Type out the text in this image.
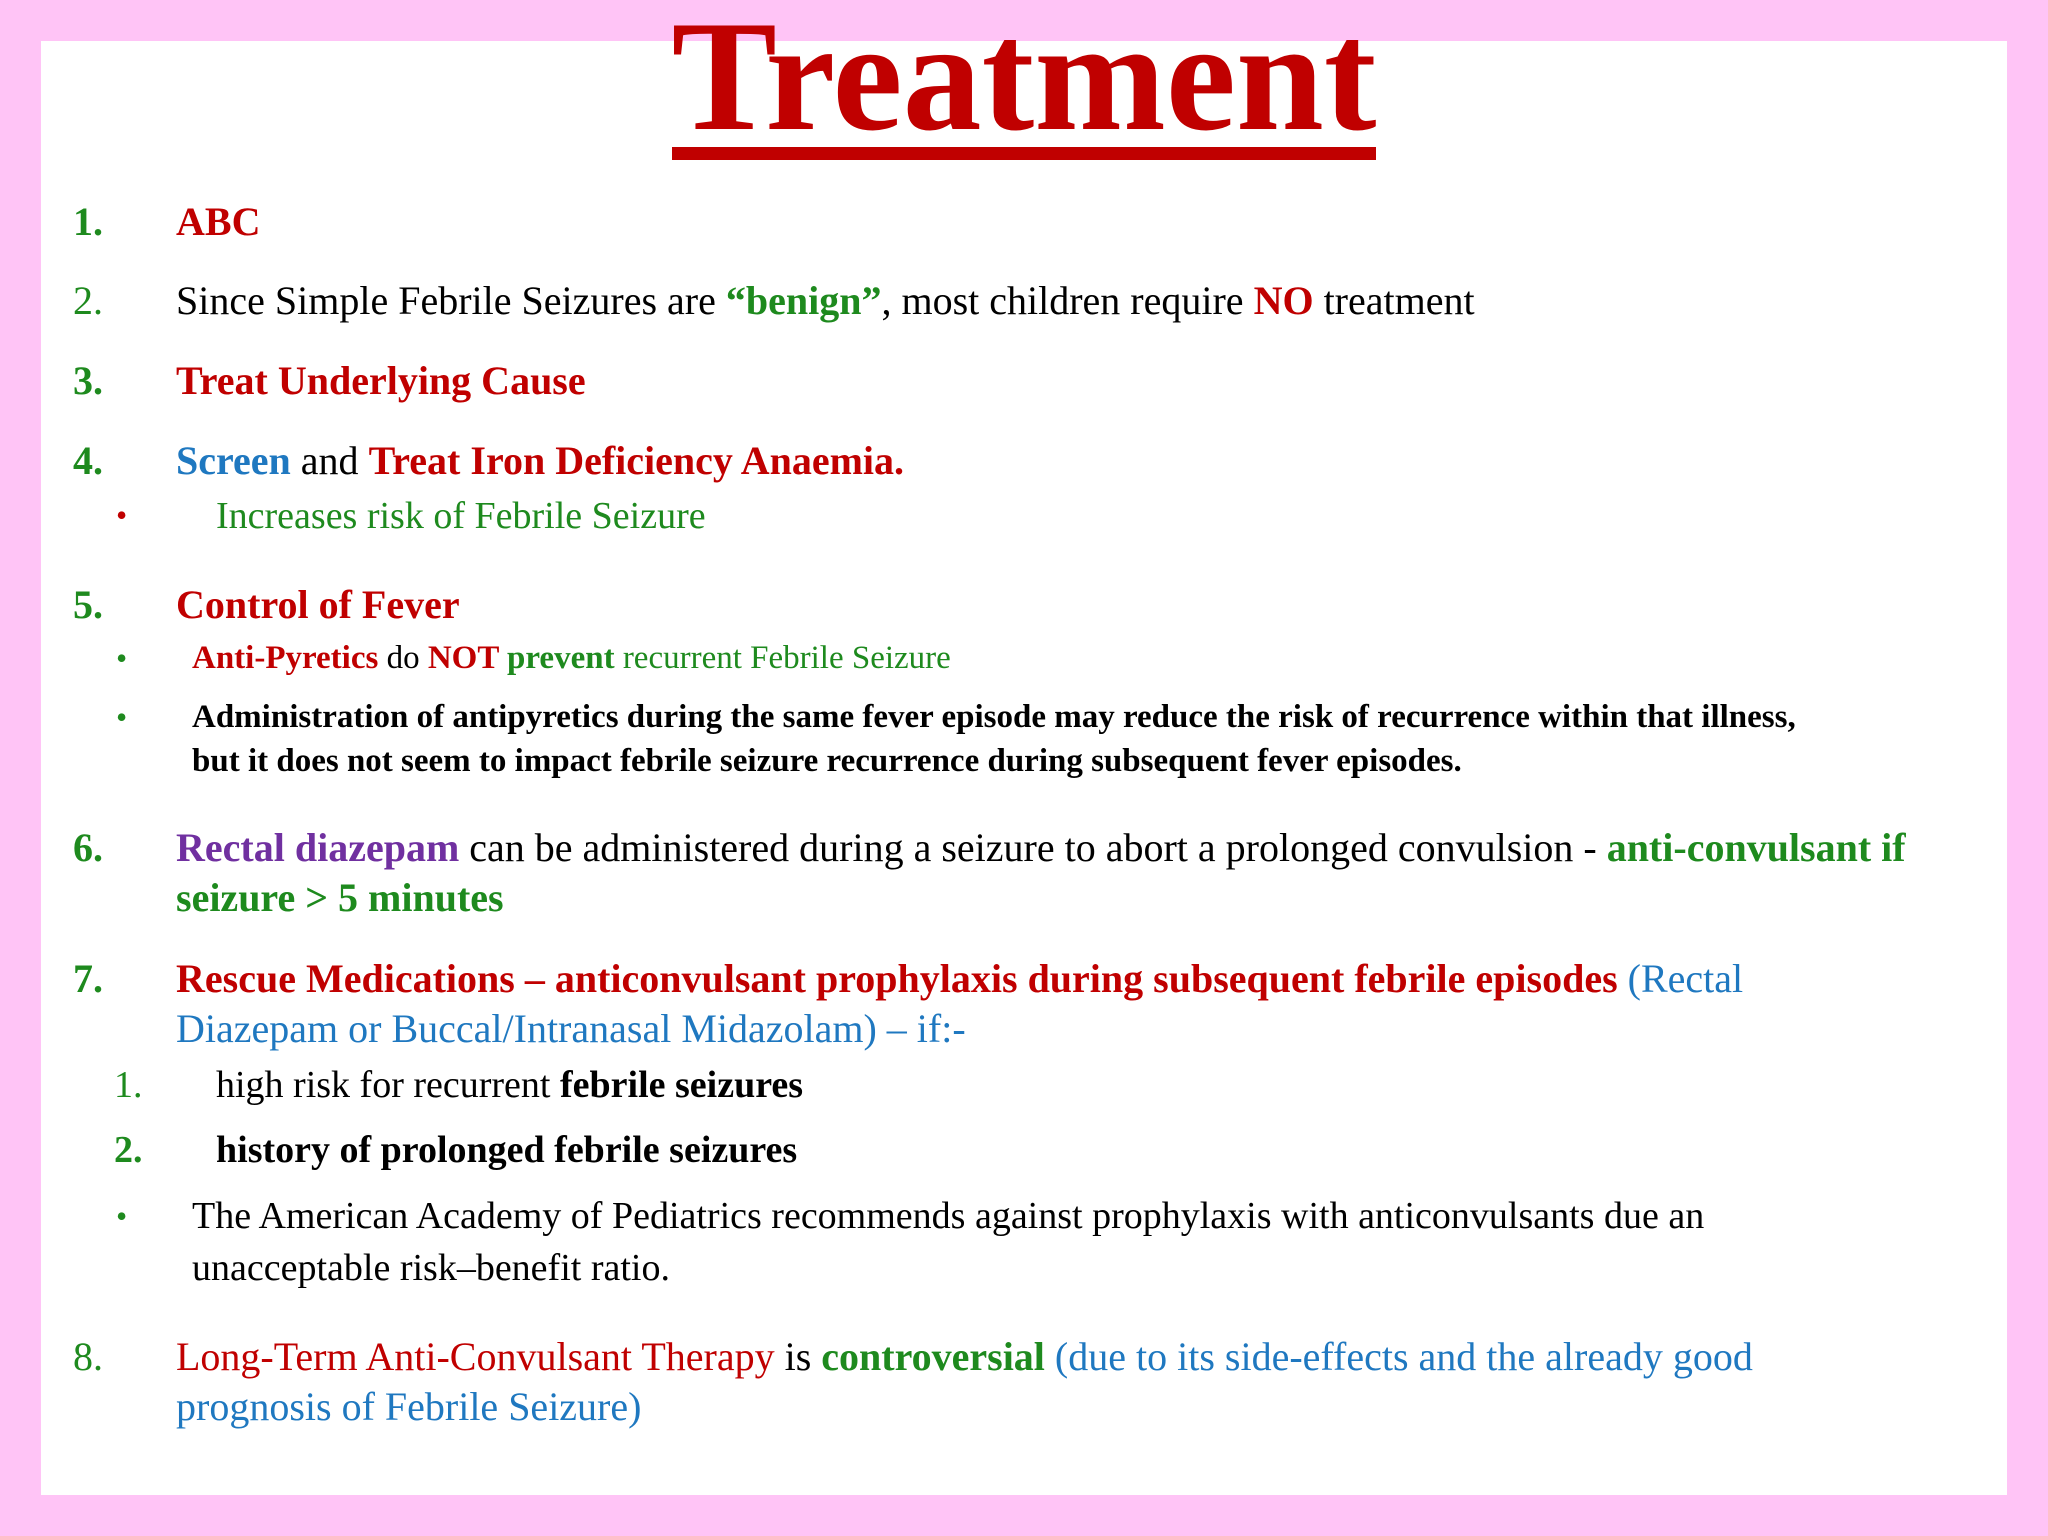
Treatment
1. ABC
2. Since Simple Febrile Seizures are “benign”, most children require NO treatment
3. Treat Underlying Cause
4. Screen and Treat Iron Deficiency Anaemia.
• Increases risk of Febrile Seizure
5. Control of Fever
• Anti-Pyretics do NOT prevent recurrent Febrile Seizure
• Administration of antipyretics during the same fever episode may reduce the risk of recurrence within that illness,
but it does not seem to impact febrile seizure recurrence during subsequent fever episodes.
6. Rectal diazepam can be administered during a seizure to abort a prolonged convulsion - anti-convulsant if
seizure > 5 minutes
7. Rescue Medications – anticonvulsant prophylaxis during subsequent febrile episodes (Rectal
Diazepam or Buccal/Intranasal Midazolam) – if:-
1. high risk for recurrent febrile seizures
2. history of prolonged febrile seizures
• The American Academy of Pediatrics recommends against prophylaxis with anticonvulsants due an
unacceptable risk–benefit ratio.
8. Long-Term Anti-Convulsant Therapy is controversial (due to its side-effects and the already good
prognosis of Febrile Seizure)
